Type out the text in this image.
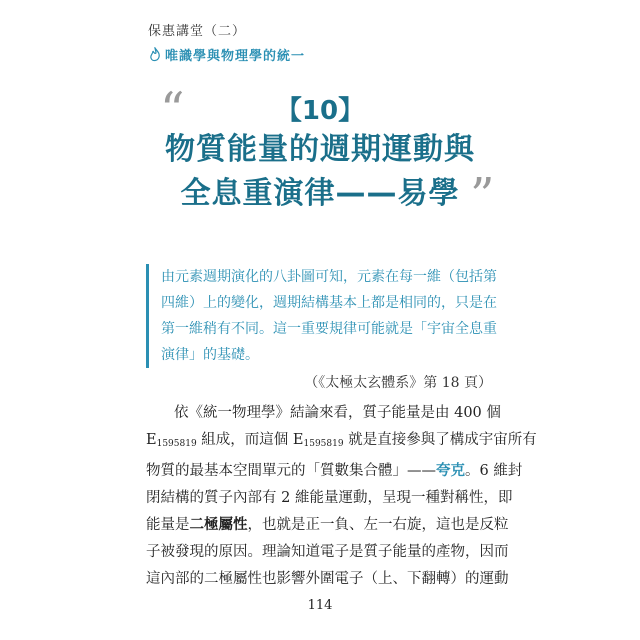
保惠講堂（二）
唯識學與物理學的統一
“	【10】
物質能量的週期運動與
全息重演律——易學 ”
由元素週期演化的八卦圖可知，元素在每一維（包括第
四維）上的變化，週期結構基本上都是相同的，只是在
第一維稍有不同。這一重要規律可能就是「宇宙全息重
演律」的基礎。
（《太極太玄體系》第 18 頁）
依《統一物理學》結論來看，質子能量是由 400 個
$E_{1595819}$ 組成，而這個 $E_{1595819}$ 就是直接參與了構成宇宙所有
物質的最基本空間單元的「質數集合體」——夸克。6 維封
閉結構的質子內部有 2 維能量運動，呈現一種對稱性，即
能量是二極屬性，也就是正一負、左一右旋，這也是反粒
子被發現的原因。理論知道電子是質子能量的產物，因而
這內部的二極屬性也影響外圍電子（上、下翻轉）的運動
114
